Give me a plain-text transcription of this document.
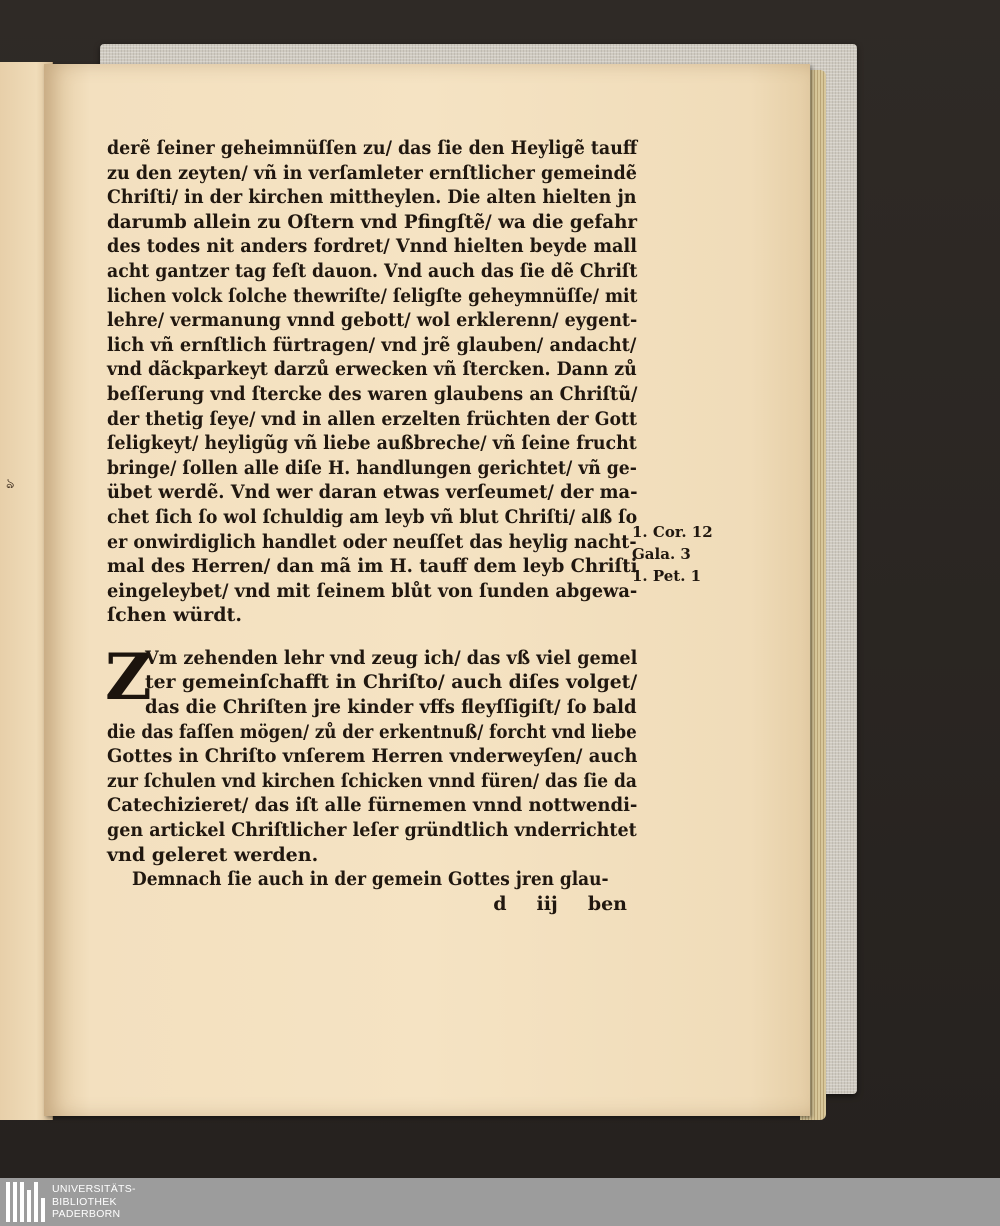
ঌ

derẽ ſeiner geheimnüſſen zu/ das ſie den Heyligẽ tauff
zu den zeyten/ vñ in verſamleter ernſtlicher gemeindẽ
Chriſti/ in der kirchen mittheylen. Die alten hielten jn
darumb allein zu Oſtern vnd Pfingſtẽ/ wa die gefahr
des todes nit anders fordret/ Vnnd hielten beyde mall
acht gantzer tag feſt dauon. Vnd auch das ſie dẽ Chriſt
lichen volck ſolche thewriſte/ ſeligſte geheymnüſſe/ mit
lehre/ vermanung vnnd gebott/ wol erklerenn/ eygent-
lich vñ ernſtlich fürtragen/ vnd jrẽ glauben/ andacht/
vnd dãckparkeyt darzů erwecken vñ ſtercken. Dann zů
beſſerung vnd ſtercke des waren glaubens an Chriſtũ/
der thetig ſeye/ vnd in allen erzelten früchten der Gott
ſeligkeyt/ heyligũg vñ liebe außbreche/ vñ ſeine frucht
bringe/ ſollen alle diſe H. handlungen gerichtet/ vñ ge-
übet werdẽ. Vnd wer daran etwas verſeumet/ der ma-
chet ſich ſo wol ſchuldig am leyb vñ blut Chriſti/ alß ſo
er onwirdiglich handlet oder neuſſet das heylig nacht-
mal des Herren/ dan mã im H. tauff dem leyb Chriſti
eingeleybet/ vnd mit ſeinem blůt von ſunden abgewa-
ſchen würdt.
Z
Vm zehenden lehr vnd zeug ich/ das vß viel gemel
ter gemeinſchafft in Chriſto/ auch diſes volget/
das die Chriſten jre kinder vffs fleyſſigiſt/ ſo bald
die das faſſen mögen/ zů der erkentnuß/ forcht vnd liebe
Gottes in Chriſto vnſerem Herren vnderweyſen/ auch
zur ſchulen vnd kirchen ſchicken vnnd füren/ das ſie da
Catechizieret/ das iſt alle fürnemen vnnd nottwendi-
gen artickel Chriſtlicher leſer gründtlich vnderrichtet
vnd geleret werden.
Demnach ſie auch in der gemein Gottes jren glau-
d iij ben
1. Cor. 12
Gala. 3
1. Pet. 1
UNIVERSITÄTS-
BIBLIOTHEK
PADERBORN
